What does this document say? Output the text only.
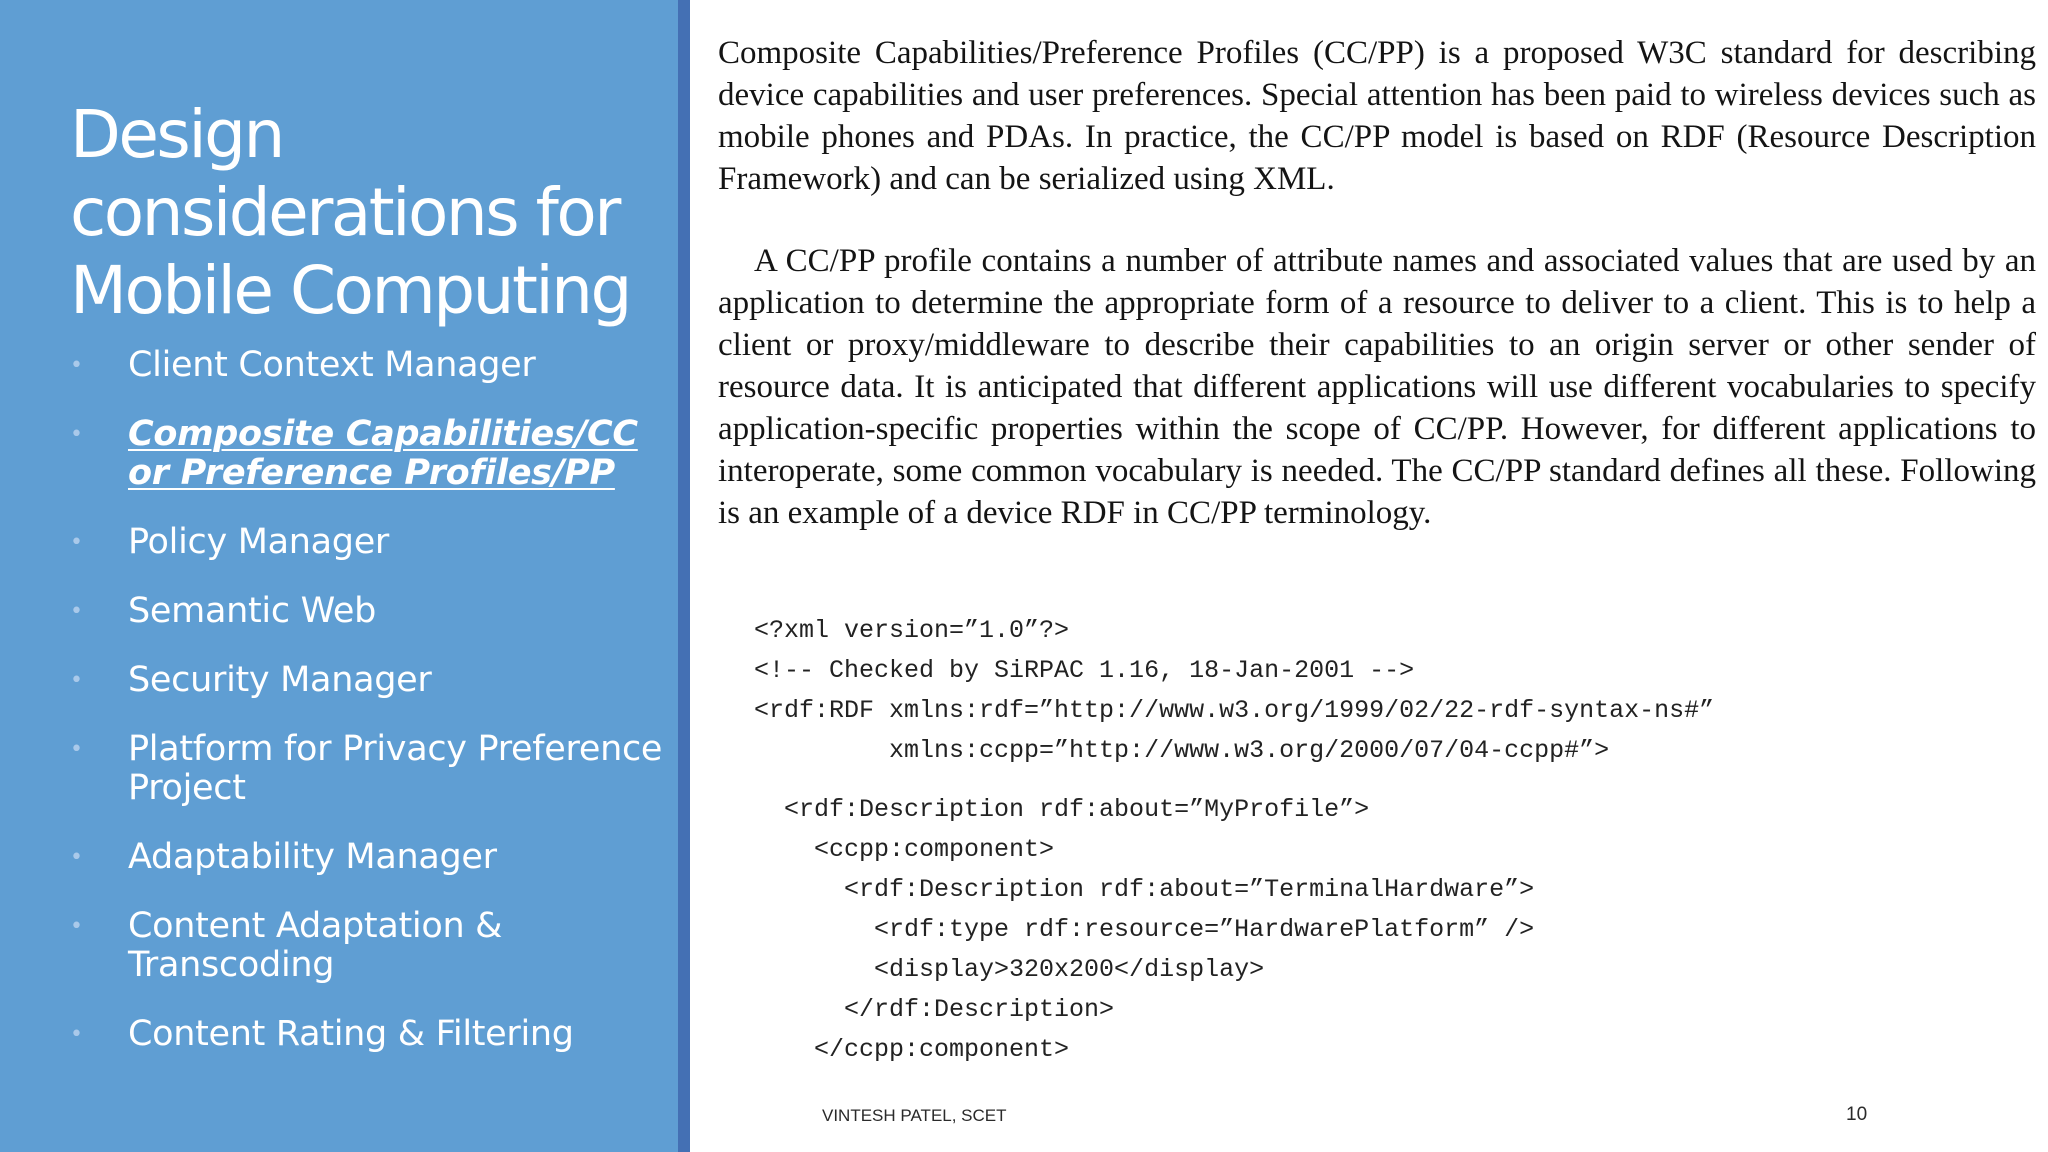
Design considerations for Mobile Computing
• Client Context Manager
• Composite Capabilities/CC or Preference Profiles/PP
• Policy Manager
• Semantic Web
• Security Manager
• Platform for Privacy Preference Project
• Adaptability Manager
• Content Adaptation & Transcoding
• Content Rating & Filtering

Composite Capabilities/Preference Profiles (CC/PP) is a proposed W3C standard for describing device capabilities and user preferences. Special attention has been paid to wireless devices such as mobile phones and PDAs. In practice, the CC/PP model is based on RDF (Resource Description Framework) and can be serialized using XML.

A CC/PP profile contains a number of attribute names and associated values that are used by an application to determine the appropriate form of a resource to deliver to a client. This is to help a client or proxy/middleware to describe their capabilities to an origin server or other sender of resource data. It is anticipated that different applications will use different vocabularies to specify application-specific properties within the scope of CC/PP. However, for different applications to interoperate, some common vocabulary is needed. The CC/PP standard defines all these. Following is an example of a device RDF in CC/PP terminology.

<?xml version=”1.0”?>

<!-- Checked by SiRPAC 1.16, 18-Jan-2001 -->

<rdf:RDF xmlns:rdf=”http://www.w3.org/1999/02/22-rdf-syntax-ns#”

xmlns:ccpp=”http://www.w3.org/2000/07/04-ccpp#”>

<rdf:Description rdf:about=”MyProfile”>

<ccpp:component>

<rdf:Description rdf:about=”TerminalHardware”>

<rdf:type rdf:resource=”HardwarePlatform” />

<display>320x200</display>

</rdf:Description>

</ccpp:component>

VINTESH PATEL, SCET	10
